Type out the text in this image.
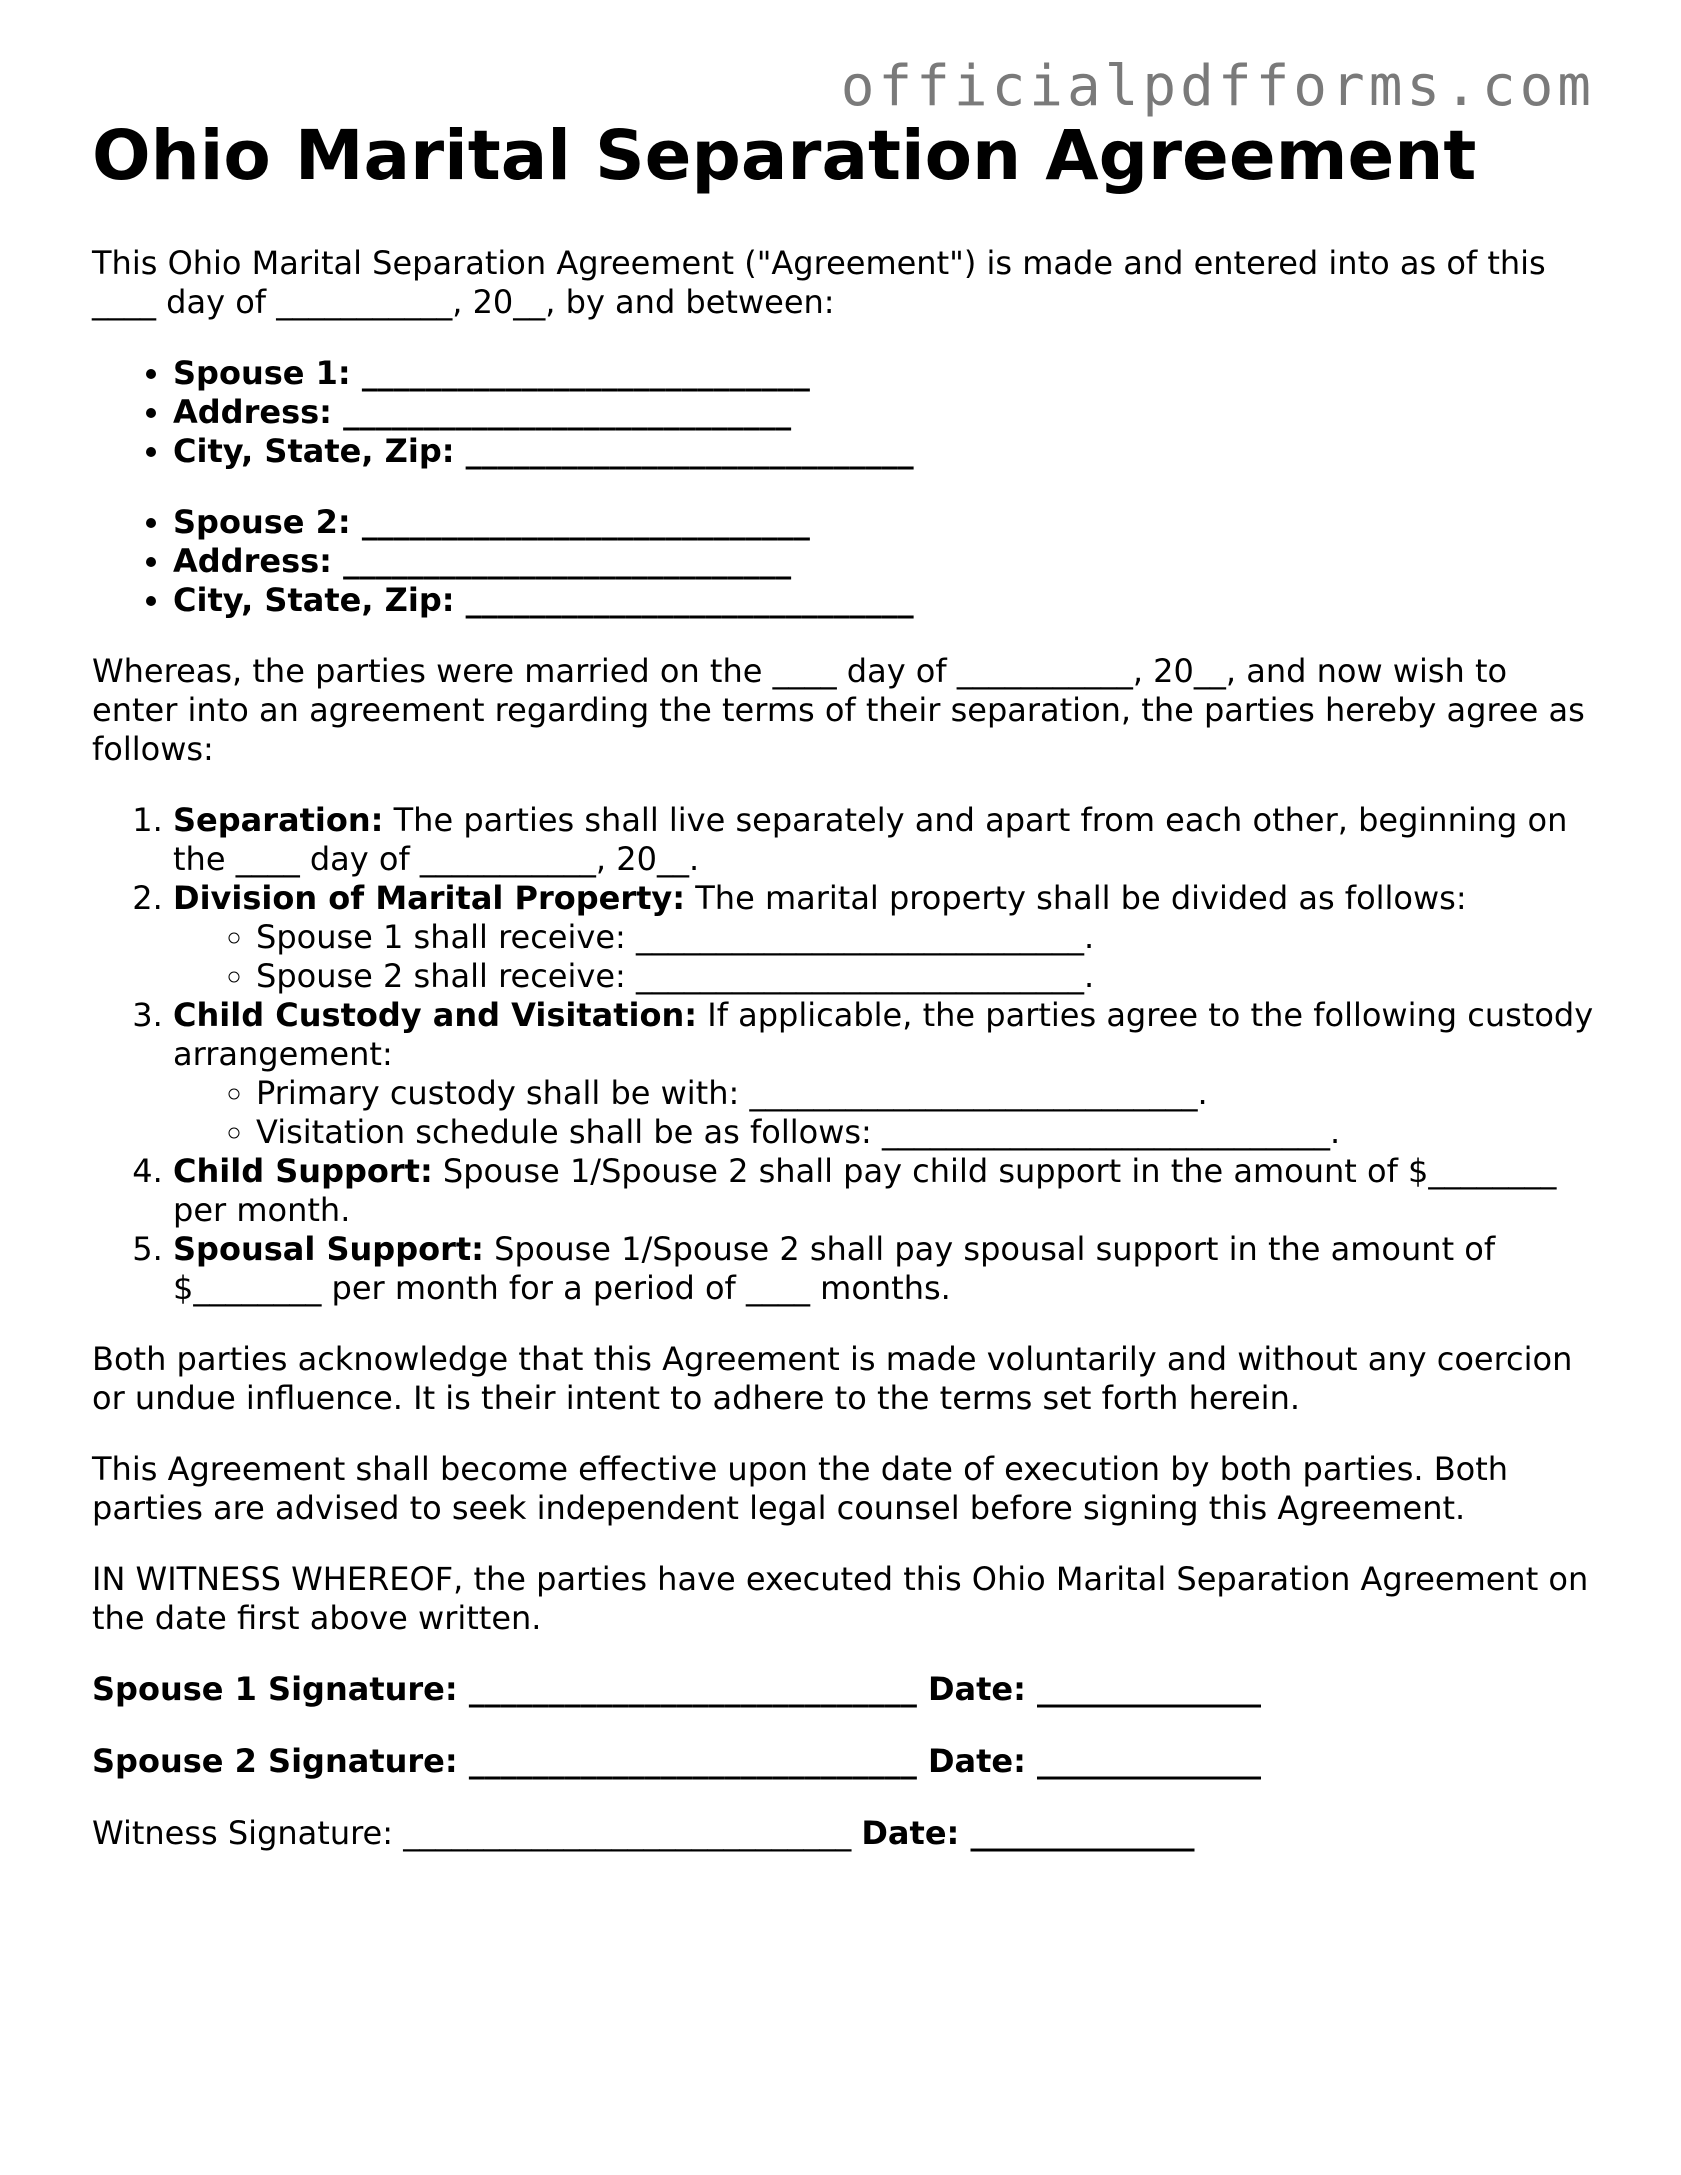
officialpdfforms.com
Ohio Marital Separation Agreement

This Ohio Marital Separation Agreement ("Agreement") is made and entered into as of this ____ day of ___________, 20__, by and between:

• Spouse 1: ____________________________
• Address: ____________________________
• City, State, Zip: ____________________________
• Spouse 2: ____________________________
• Address: ____________________________
• City, State, Zip: ____________________________

Whereas, the parties were married on the ____ day of ___________, 20__, and now wish to enter into an agreement regarding the terms of their separation, the parties hereby agree as follows:

1. Separation: The parties shall live separately and apart from each other, beginning on the ____ day of ___________, 20__.
2. Division of Marital Property: The marital property shall be divided as follows:
◦ Spouse 1 shall receive: ____________________________.
◦ Spouse 2 shall receive: ____________________________.
3. Child Custody and Visitation: If applicable, the parties agree to the following custody arrangement:
◦ Primary custody shall be with: ____________________________.
◦ Visitation schedule shall be as follows: ____________________________.
4. Child Support: Spouse 1/Spouse 2 shall pay child support in the amount of $________ per month.
5. Spousal Support: Spouse 1/Spouse 2 shall pay spousal support in the amount of $________ per month for a period of ____ months.

Both parties acknowledge that this Agreement is made voluntarily and without any coercion or undue influence. It is their intent to adhere to the terms set forth herein.

This Agreement shall become effective upon the date of execution by both parties. Both parties are advised to seek independent legal counsel before signing this Agreement.

IN WITNESS WHEREOF, the parties have executed this Ohio Marital Separation Agreement on the date first above written.

Spouse 1 Signature: ____________________________ Date: ______________
Spouse 2 Signature: ____________________________ Date: ______________
Witness Signature: ____________________________ Date: ______________
